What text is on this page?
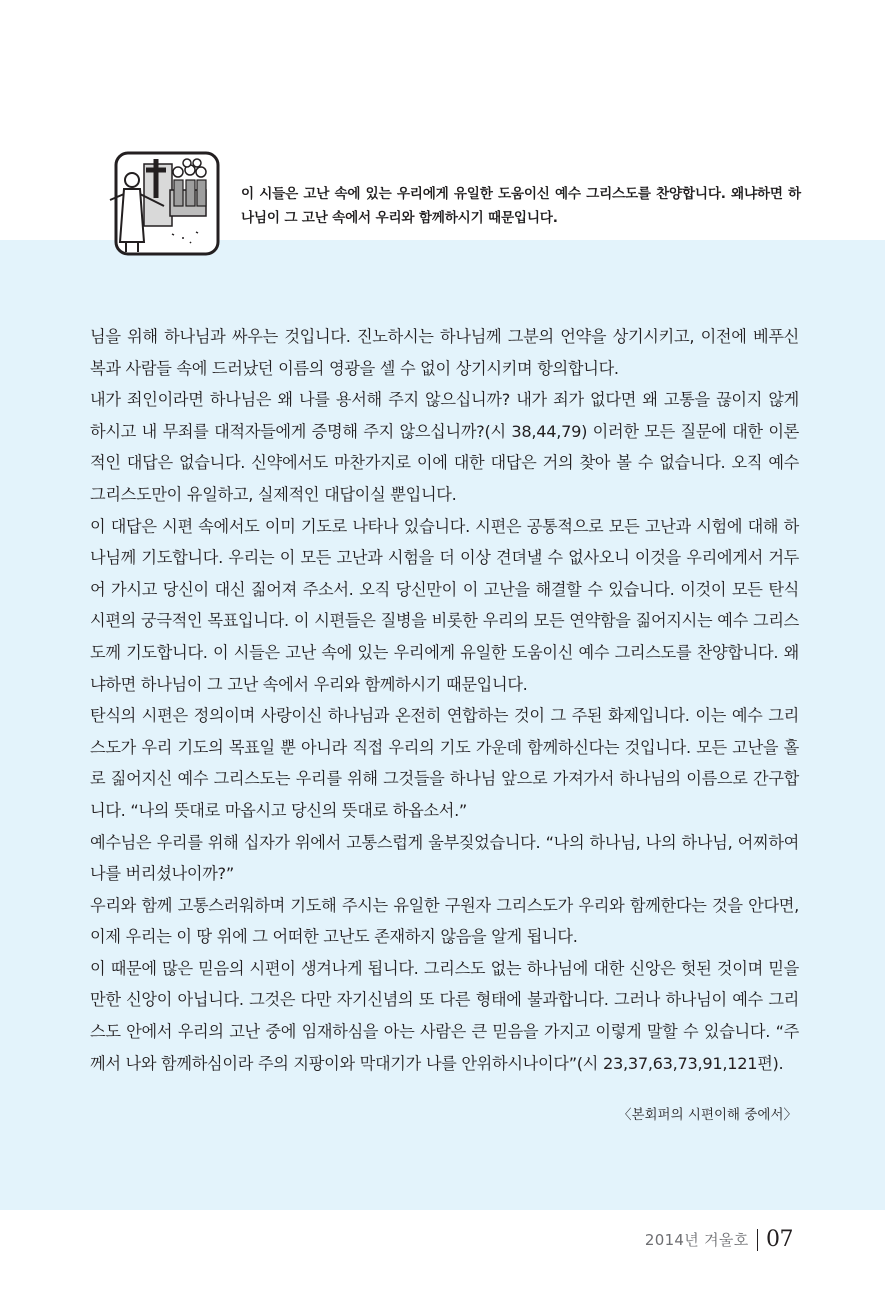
이 시들은 고난 속에 있는 우리에게 유일한 도움이신 예수 그리스도를 찬양합니다. 왜냐하면 하나님이 그 고난 속에서 우리와 함께하시기 때문입니다.

님을 위해 하나님과 싸우는 것입니다. 진노하시는 하나님께 그분의 언약을 상기시키고, 이전에 베푸신 복과 사람들 속에 드러났던 이름의 영광을 셀 수 없이 상기시키며 항의합니다.

내가 죄인이라면 하나님은 왜 나를 용서해 주지 않으십니까? 내가 죄가 없다면 왜 고통을 끊이지 않게 하시고 내 무죄를 대적자들에게 증명해 주지 않으십니까?(시 38,44,79) 이러한 모든 질문에 대한 이론적인 대답은 없습니다. 신약에서도 마찬가지로 이에 대한 대답은 거의 찾아 볼 수 없습니다. 오직 예수 그리스도만이 유일하고, 실제적인 대답이실 뿐입니다.

이 대답은 시편 속에서도 이미 기도로 나타나 있습니다. 시편은 공통적으로 모든 고난과 시험에 대해 하나님께 기도합니다. 우리는 이 모든 고난과 시험을 더 이상 견뎌낼 수 없사오니 이것을 우리에게서 거두어 가시고 당신이 대신 짊어져 주소서. 오직 당신만이 이 고난을 해결할 수 있습니다. 이것이 모든 탄식 시편의 궁극적인 목표입니다. 이 시편들은 질병을 비롯한 우리의 모든 연약함을 짊어지시는 예수 그리스도께 기도합니다. 이 시들은 고난 속에 있는 우리에게 유일한 도움이신 예수 그리스도를 찬양합니다. 왜냐하면 하나님이 그 고난 속에서 우리와 함께하시기 때문입니다.

탄식의 시편은 정의이며 사랑이신 하나님과 온전히 연합하는 것이 그 주된 화제입니다. 이는 예수 그리스도가 우리 기도의 목표일 뿐 아니라 직접 우리의 기도 가운데 함께하신다는 것입니다. 모든 고난을 홀로 짊어지신 예수 그리스도는 우리를 위해 그것들을 하나님 앞으로 가져가서 하나님의 이름으로 간구합니다. “나의 뜻대로 마옵시고 당신의 뜻대로 하옵소서.”

예수님은 우리를 위해 십자가 위에서 고통스럽게 울부짖었습니다. “나의 하나님, 나의 하나님, 어찌하여 나를 버리셨나이까?”

우리와 함께 고통스러워하며 기도해 주시는 유일한 구원자 그리스도가 우리와 함께한다는 것을 안다면, 이제 우리는 이 땅 위에 그 어떠한 고난도 존재하지 않음을 알게 됩니다.

이 때문에 많은 믿음의 시편이 생겨나게 됩니다. 그리스도 없는 하나님에 대한 신앙은 헛된 것이며 믿을 만한 신앙이 아닙니다. 그것은 다만 자기신념의 또 다른 형태에 불과합니다. 그러나 하나님이 예수 그리스도 안에서 우리의 고난 중에 임재하심을 아는 사람은 큰 믿음을 가지고 이렇게 말할 수 있습니다. “주께서 나와 함께하심이라 주의 지팡이와 막대기가 나를 안위하시나이다”(시 23,37,63,73,91,121편).

〈본회퍼의 시편이해 중에서〉
2014년 겨울호 07
